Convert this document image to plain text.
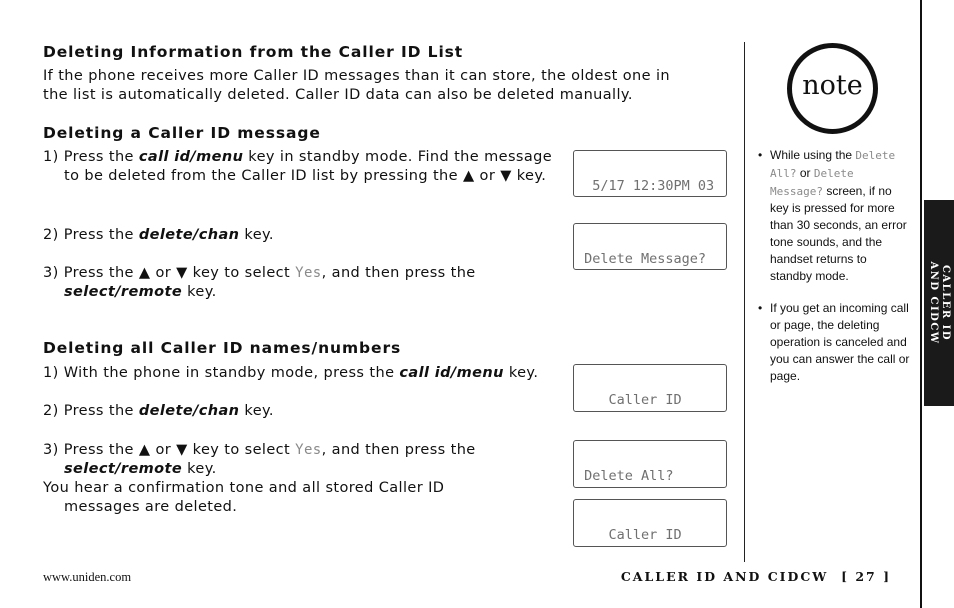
Deleting Information from the Caller ID List

If the phone receives more Caller ID messages than it can store, the oldest one in
the list is automatically deleted. Caller ID data can also be deleted manually.

Deleting a Caller ID message

1) Press the call id/menu key in standby mode. Find the message to be deleted from the Caller ID list by pressing the ▲ or ▼ key.

2) Press the delete/chan key.

3) Press the ▲ or ▼ key to select Yes, and then press the select/remote key.

Deleting all Caller ID names/numbers

1) With the phone in standby mode, press the call id/menu key.

2) Press the delete/chan key.

3) Press the ▲ or ▼ key to select Yes, and then press the select/remote key.
You hear a confirmation tone and all stored Caller ID messages are deleted.

5/17 12:30PM 03

Delete Message?

Caller ID

Delete All?

Caller ID

note
• While using the Delete All? or Delete Message? screen, if no key is pressed for more than 30 seconds, an error tone sounds, and the handset returns to standby mode.
• If you get an incoming call or page, the deleting operation is canceled and you can answer the call or page.
CALLER ID
AND CIDCW
www.uniden.com	CALLER ID AND CIDCW [ 27 ]
